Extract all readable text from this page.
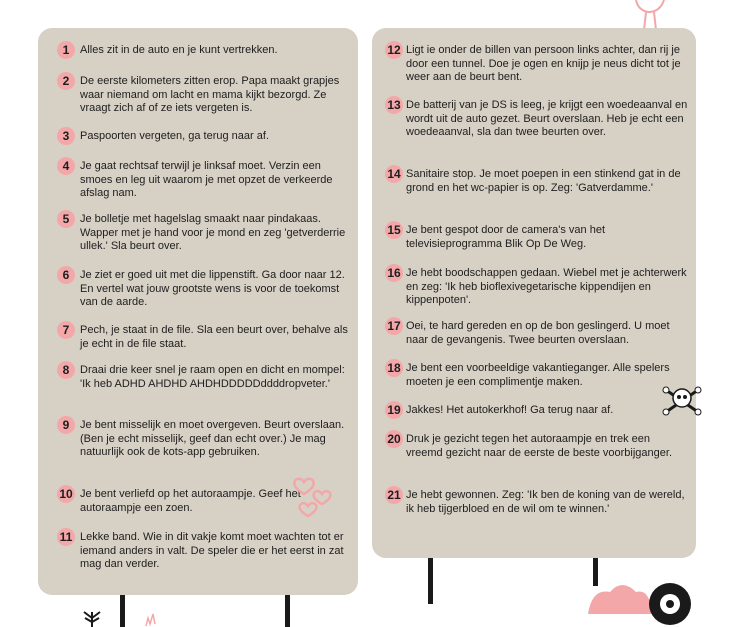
1 Alles zit in de auto en je kunt vertrekken.
2 De eerste kilometers zitten erop. Papa maakt grapjes waar niemand om lacht en mama kijkt bezorgd. Ze vraagt zich af of ze iets vergeten is.
3 Paspoorten vergeten, ga terug naar af.
4 Je gaat rechtsaf terwijl je linksaf moet. Verzin een smoes en leg uit waarom je met opzet de verkeerde afslag nam.
5 Je bolletje met hagelslag smaakt naar pindakaas. Wapper met je hand voor je mond en zeg 'getverderrie ullek.' Sla beurt over.
6 Je ziet er goed uit met die lippenstift. Ga door naar 12. En vertel wat jouw grootste wens is voor de toekomst van de aarde.
7 Pech, je staat in de file. Sla een beurt over, behalve als je echt in de file staat.
8 Draai drie keer snel je raam open en dicht en mompel: 'Ik heb ADHD AHDHD AHDHDDDDDddddropveter.'
9 Je bent misselijk en moet overgeven. Beurt overslaan. (Ben je echt misselijk, geef dan echt over.) Je mag natuurlijk ook de kots-app gebruiken.
10 Je bent verliefd op het autoraampje. Geef het autoraampje een zoen.
11 Lekke band. Wie in dit vakje komt moet wachten tot er iemand anders in valt. De speler die er het eerst in zat mag dan verder.
12 Ligt ie onder de billen van persoon links achter, dan rij je door een tunnel. Doe je ogen en knijp je neus dicht tot je weer aan de beurt bent.
13 De batterij van je DS is leeg, je krijgt een woedeaanval en wordt uit de auto gezet. Beurt overslaan. Heb je echt een woedeaanval, sla dan twee beurten over.
14 Sanitaire stop. Je moet poepen in een stinkend gat in de grond en het wc-papier is op. Zeg: 'Gatverdamme.'
15 Je bent gespot door de camera's van het televisieprogramma Blik Op De Weg.
16 Je hebt boodschappen gedaan. Wiebel met je achterwerk en zeg: 'Ik heb bioflexivegetarische kippendijen en kippenpoten'.
17 Oei, te hard gereden en op de bon geslingerd. U moet naar de gevangenis. Twee beurten overslaan.
18 Je bent een voorbeeldige vakantieganger. Alle spelers moeten je een complimentje maken.
19 Jakkes! Het autokerkhof! Ga terug naar af.
20 Druk je gezicht tegen het autoraampje en trek een vreemd gezicht naar de eerste de beste voorbijganger.
21 Je hebt gewonnen. Zeg: 'Ik ben de koning van de wereld, ik heb tijgerbloed en de wil om te winnen.'
